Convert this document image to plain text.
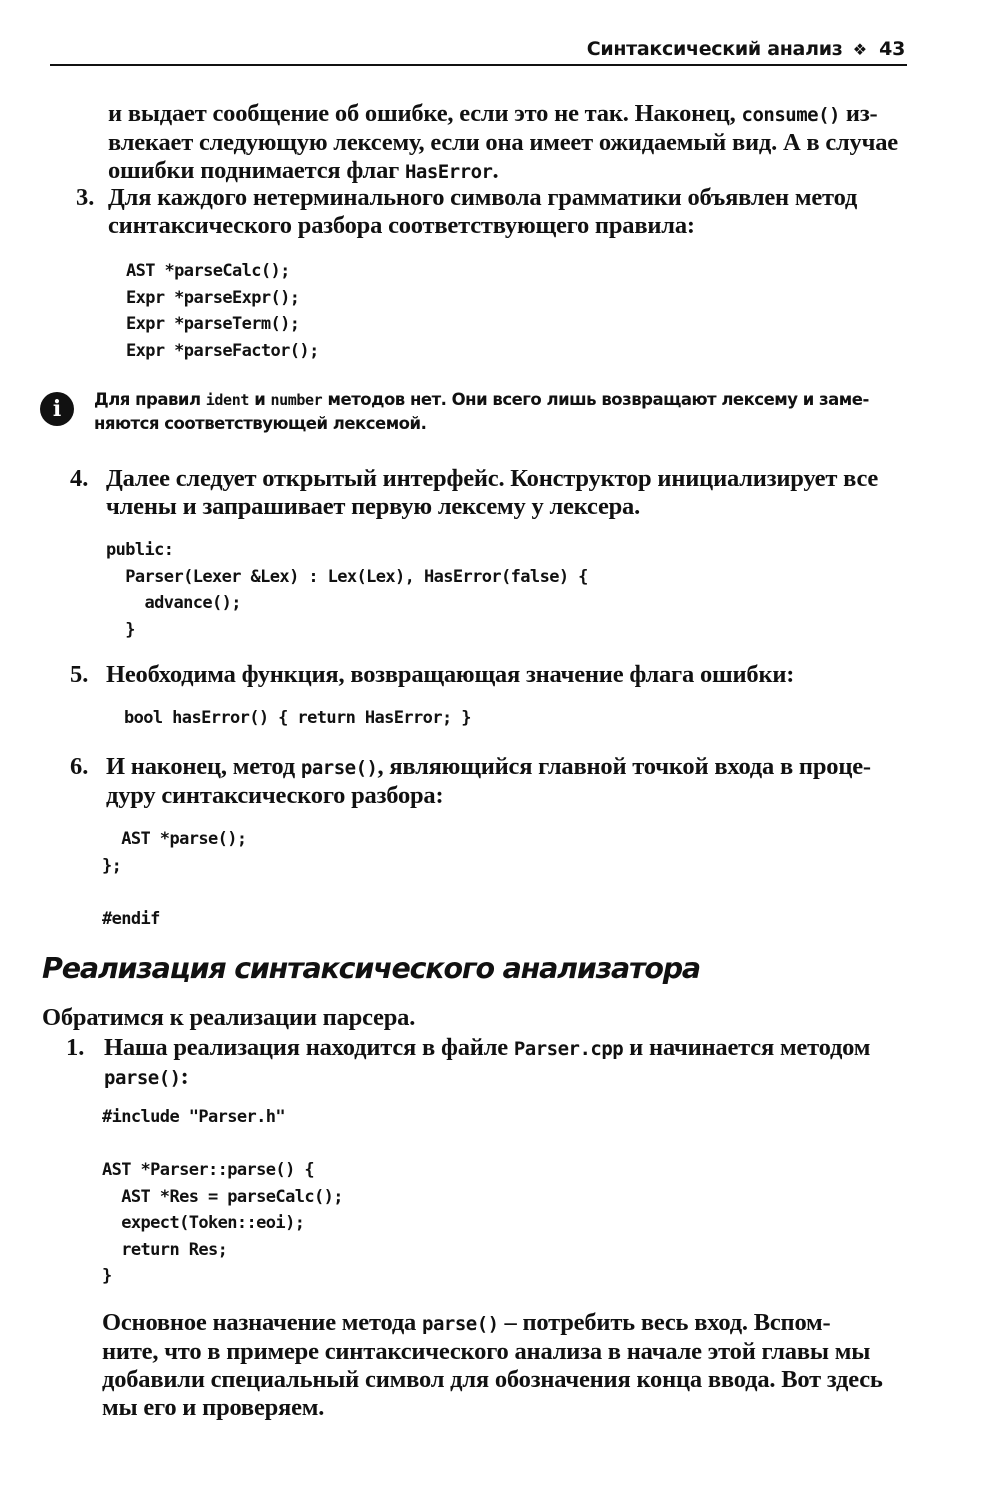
Синтаксический анализ ❖ 43

и выдает сообщение об ошибке, если это не так. Наконец, consume() из-

влекает следующую лексему, если она имеет ожидаемый вид. А в случае

ошибки поднимается флаг HasError.

3. Для каждого нетерминального символа грамматики объявлен метод

синтаксического разбора соответствующего правила:

AST *parseCalc();
Expr *parseExpr();
Expr *parseTerm();
Expr *parseFactor();
i	Для правил ident и number методов нет. Они всего лишь возвращают лексему и заме-
няются соответствующей лексемой.
4. Далее следует открытый интерфейс. Конструктор инициализирует все

члены и запрашивает первую лексему у лексера.

public:
Parser(Lexer &Lex) : Lex(Lex), HasError(false) {
advance();
}
5. Необходима функция, возвращающая значение флага ошибки:

bool hasError() { return HasError; }
6. И наконец, метод parse(), являющийся главной точкой входа в проце-

дуру синтаксического разбора:

AST *parse();
};

#endif
Реализация синтаксического анализатора

Обратимся к реализации парсера.

1. Наша реализация находится в файле Parser.cpp и начинается методом

parse():

#include "Parser.h"

AST *Parser::parse() {
AST *Res = parseCalc();
expect(Token::eoi);
return Res;
}

Основное назначение метода parse() – потребить весь вход. Вспом-

ните, что в примере синтаксического анализа в начале этой главы мы

добавили специальный символ для обозначения конца ввода. Вот здесь

мы его и проверяем.
